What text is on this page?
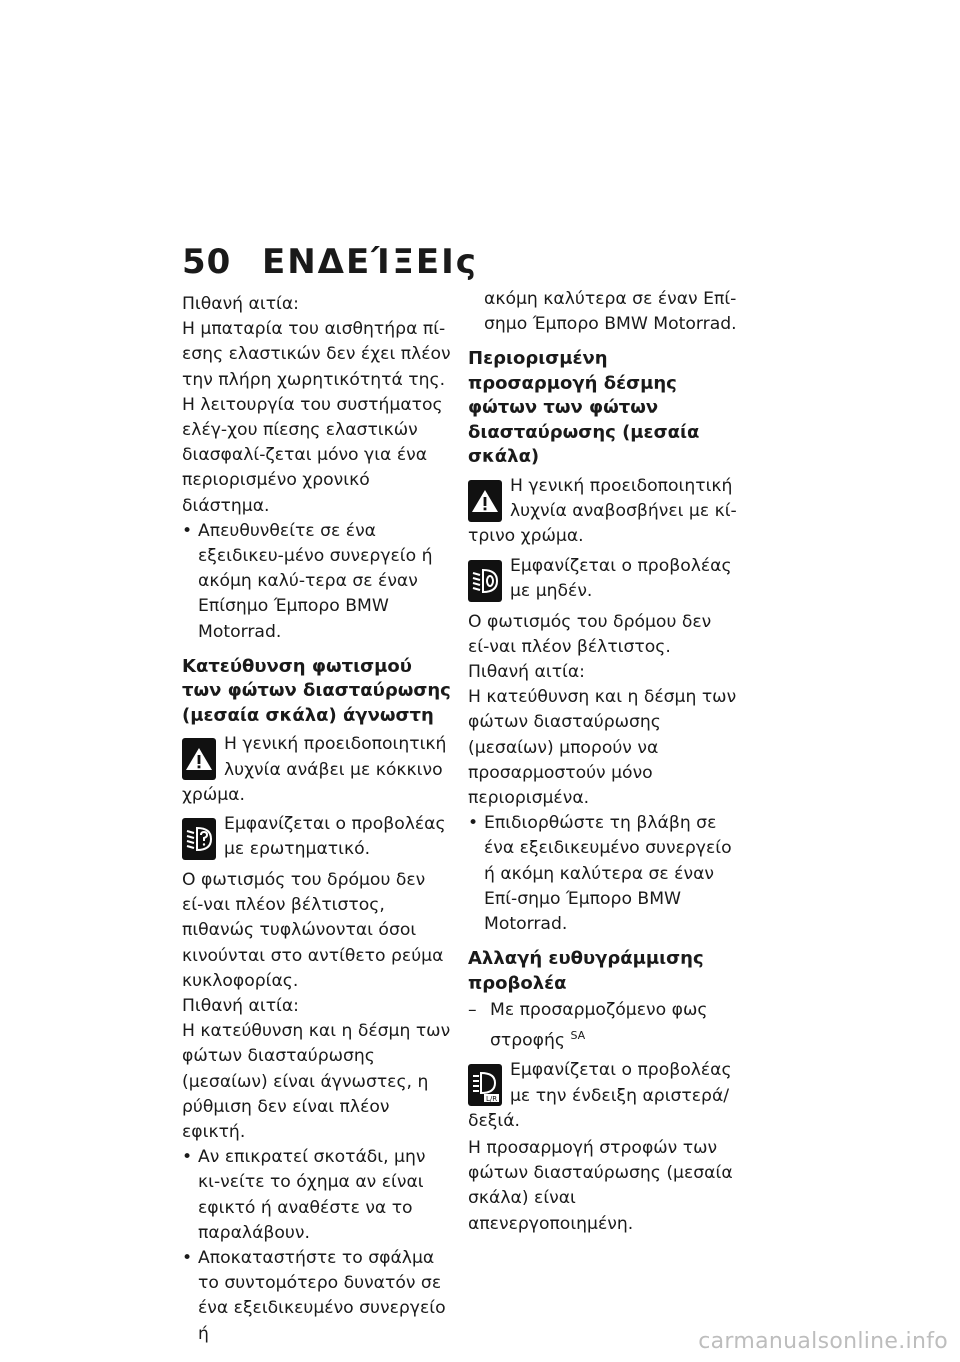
50 ΕΝΔΕΊΞΕΙς

Πιθανή αιτία:

Η μπαταρία του αισθητήρα πί-εσης ελαστικών δεν έχει πλέον την πλήρη χωρητικότητά της. Η λειτουργία του συστήματος ελέγ-χου πίεσης ελαστικών διασφαλί-ζεται μόνο για ένα περιορισμένο χρονικό διάστημα.

• Απευθυνθείτε σε ένα εξειδικευ-μένο συνεργείο ή ακόμη καλύ-τερα σε έναν Επίσημο Έμπορο BMW Motorrad.

Κατεύθυνση φωτισμού των φώτων διασταύρωσης (μεσαία σκάλα) άγνωστη
Η γενική προειδοποιητική λυχνία ανάβει με κόκκινο χρώμα.
Εμφανίζεται ο προβολέας με ερωτηματικό.

Ο φωτισμός του δρόμου δεν εί-ναι πλέον βέλτιστος, πιθανώς τυφλώνονται όσοι κινούνται στο αντίθετο ρεύμα κυκλοφορίας.

Πιθανή αιτία:

Η κατεύθυνση και η δέσμη των φώτων διασταύρωσης (μεσαίων) είναι άγνωστες, η ρύθμιση δεν είναι πλέον εφικτή.

• Αν επικρατεί σκοτάδι, μην κι-νείτε το όχημα αν είναι εφικτό ή αναθέστε να το παραλάβουν.

• Αποκαταστήστε το σφάλμα το συντομότερο δυνατόν σε ένα εξειδικευμένο συνεργείο ή

ακόμη καλύτερα σε έναν Επί-σημο Έμπορο BMW Motorrad.

Περιορισμένη προσαρμογή δέσμης φώτων των φώτων διασταύρωσης (μεσαία σκάλα)
Η γενική προειδοποιητική λυχνία αναβοσβήνει με κί-τρινο χρώμα.
Εμφανίζεται ο προβολέας με μηδέν.

Ο φωτισμός του δρόμου δεν εί-ναι πλέον βέλτιστος.

Πιθανή αιτία:

Η κατεύθυνση και η δέσμη των φώτων διασταύρωσης (μεσαίων) μπορούν να προσαρμοστούν μόνο περιορισμένα.

• Επιδιορθώστε τη βλάβη σε ένα εξειδικευμένο συνεργείο ή ακόμη καλύτερα σε έναν Επί-σημο Έμπορο BMW Motorrad.

Αλλαγή ευθυγράμμισης προβολέα

– Με προσαρμοζόμενο φως στροφής $^{SA}$

L/R
Εμφανίζεται ο προβολέας με την ένδειξη αριστερά/δεξιά.

Η προσαρμογή στροφών των φώτων διασταύρωσης (μεσαία σκάλα) είναι απενεργοποιημένη.

carmanualsonline.info
